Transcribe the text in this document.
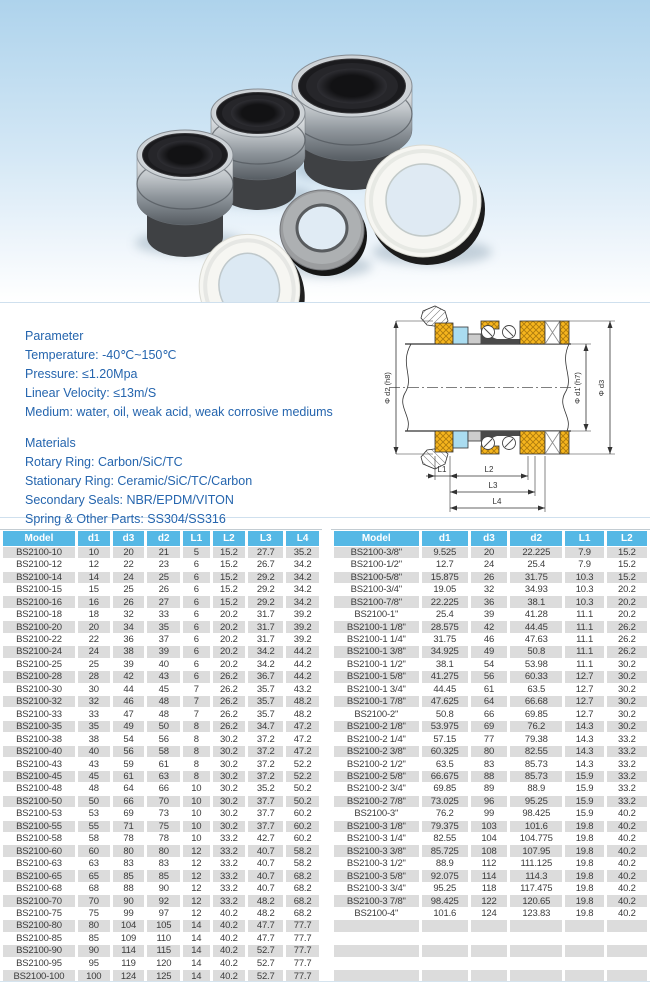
Parameter
Temperature: -40℃~150℃
Pressure: ≤1.20Mpa
Linear Velocity: ≤13m/S
Medium: water, oil, weak acid, weak corrosive mediums
Materials
Rotary Ring: Carbon/SiC/TC
Stationary Ring: Ceramic/SiC/TC/Carbon
Secondary Seals: NBR/EPDM/VITON
Spring & Other Parts: SS304/SS316
Φ d2 (h8)	Φ d1 (h7) Φ d3
L1	L2
L3
L4
Model	d1	d3	d2	L1	L2	L3	L4
BS2100-10	10	20	21	5	15.2	27.7	35.2
BS2100-12	12	22	23	6	15.2	26.7	34.2
BS2100-14	14	24	25	6	15.2	29.2	34.2
BS2100-15	15	25	26	6	15.2	29.2	34.2
BS2100-16	16	26	27	6	15.2	29.2	34.2
BS2100-18	18	32	33	6	20.2	31.7	39.2
BS2100-20	20	34	35	6	20.2	31.7	39.2
BS2100-22	22	36	37	6	20.2	31.7	39.2
BS2100-24	24	38	39	6	20.2	34.2	44.2
BS2100-25	25	39	40	6	20.2	34.2	44.2
BS2100-28	28	42	43	6	26.2	36.7	44.2
BS2100-30	30	44	45	7	26.2	35.7	43.2
BS2100-32	32	46	48	7	26.2	35.7	48.2
BS2100-33	33	47	48	7	26.2	35.7	48.2
BS2100-35	35	49	50	8	26.2	34.7	47.2
BS2100-38	38	54	56	8	30.2	37.2	47.2
BS2100-40	40	56	58	8	30.2	37.2	47.2
BS2100-43	43	59	61	8	30.2	37.2	52.2
BS2100-45	45	61	63	8	30.2	37.2	52.2
BS2100-48	48	64	66	10	30.2	35.2	50.2
BS2100-50	50	66	70	10	30.2	37.7	50.2
BS2100-53	53	69	73	10	30.2	37.7	60.2
BS2100-55	55	71	75	10	30.2	37.7	60.2
BS2100-58	58	78	78	10	33.2	42.7	60.2
BS2100-60	60	80	80	12	33.2	40.7	58.2
BS2100-63	63	83	83	12	33.2	40.7	58.2
BS2100-65	65	85	85	12	33.2	40.7	68.2
BS2100-68	68	88	90	12	33.2	40.7	68.2
BS2100-70	70	90	92	12	33.2	48.2	68.2
BS2100-75	75	99	97	12	40.2	48.2	68.2
BS2100-80	80	104	105	14	40.2	47.7	77.7
BS2100-85	85	109	110	14	40.2	47.7	77.7
BS2100-90	90	114	115	14	40.2	52.7	77.7
BS2100-95	95	119	120	14	40.2	52.7	77.7
BS2100-100	100	124	125	14	40.2	52.7	77.7
Model	d1	d3	d2	L1	L2
BS2100-3/8"	9.525	20	22.225	7.9	15.2
BS2100-1/2"	12.7	24	25.4	7.9	15.2
BS2100-5/8"	15.875	26	31.75	10.3	15.2
BS2100-3/4"	19.05	32	34.93	10.3	20.2
BS2100-7/8"	22.225	36	38.1	10.3	20.2
BS2100-1"	25.4	39	41.28	11.1	20.2
BS2100-1 1/8"	28.575	42	44.45	11.1	26.2
BS2100-1 1/4"	31.75	46	47.63	11.1	26.2
BS2100-1 3/8"	34.925	49	50.8	11.1	26.2
BS2100-1 1/2"	38.1	54	53.98	11.1	30.2
BS2100-1 5/8"	41.275	56	60.33	12.7	30.2
BS2100-1 3/4"	44.45	61	63.5	12.7	30.2
BS2100-1 7/8"	47.625	64	66.68	12.7	30.2
BS2100-2"	50.8	66	69.85	12.7	30.2
BS2100-2 1/8"	53.975	69	76.2	14.3	30.2
BS2100-2 1/4"	57.15	77	79.38	14.3	33.2
BS2100-2 3/8"	60.325	80	82.55	14.3	33.2
BS2100-2 1/2"	63.5	83	85.73	14.3	33.2
BS2100-2 5/8"	66.675	88	85.73	15.9	33.2
BS2100-2 3/4"	69.85	89	88.9	15.9	33.2
BS2100-2 7/8"	73.025	96	95.25	15.9	33.2
BS2100-3"	76.2	99	98.425	15.9	40.2
BS2100-3 1/8"	79.375	103	101.6	19.8	40.2
BS2100-3 1/4"	82.55	104	104.775	19.8	40.2
BS2100-3 3/8"	85.725	108	107.95	19.8	40.2
BS2100-3 1/2"	88.9	112	111.125	19.8	40.2
BS2100-3 5/8"	92.075	114	114.3	19.8	40.2
BS2100-3 3/4"	95.25	118	117.475	19.8	40.2
BS2100-3 7/8"	98.425	122	120.65	19.8	40.2
BS2100-4"	101.6	124	123.83	19.8	40.2
